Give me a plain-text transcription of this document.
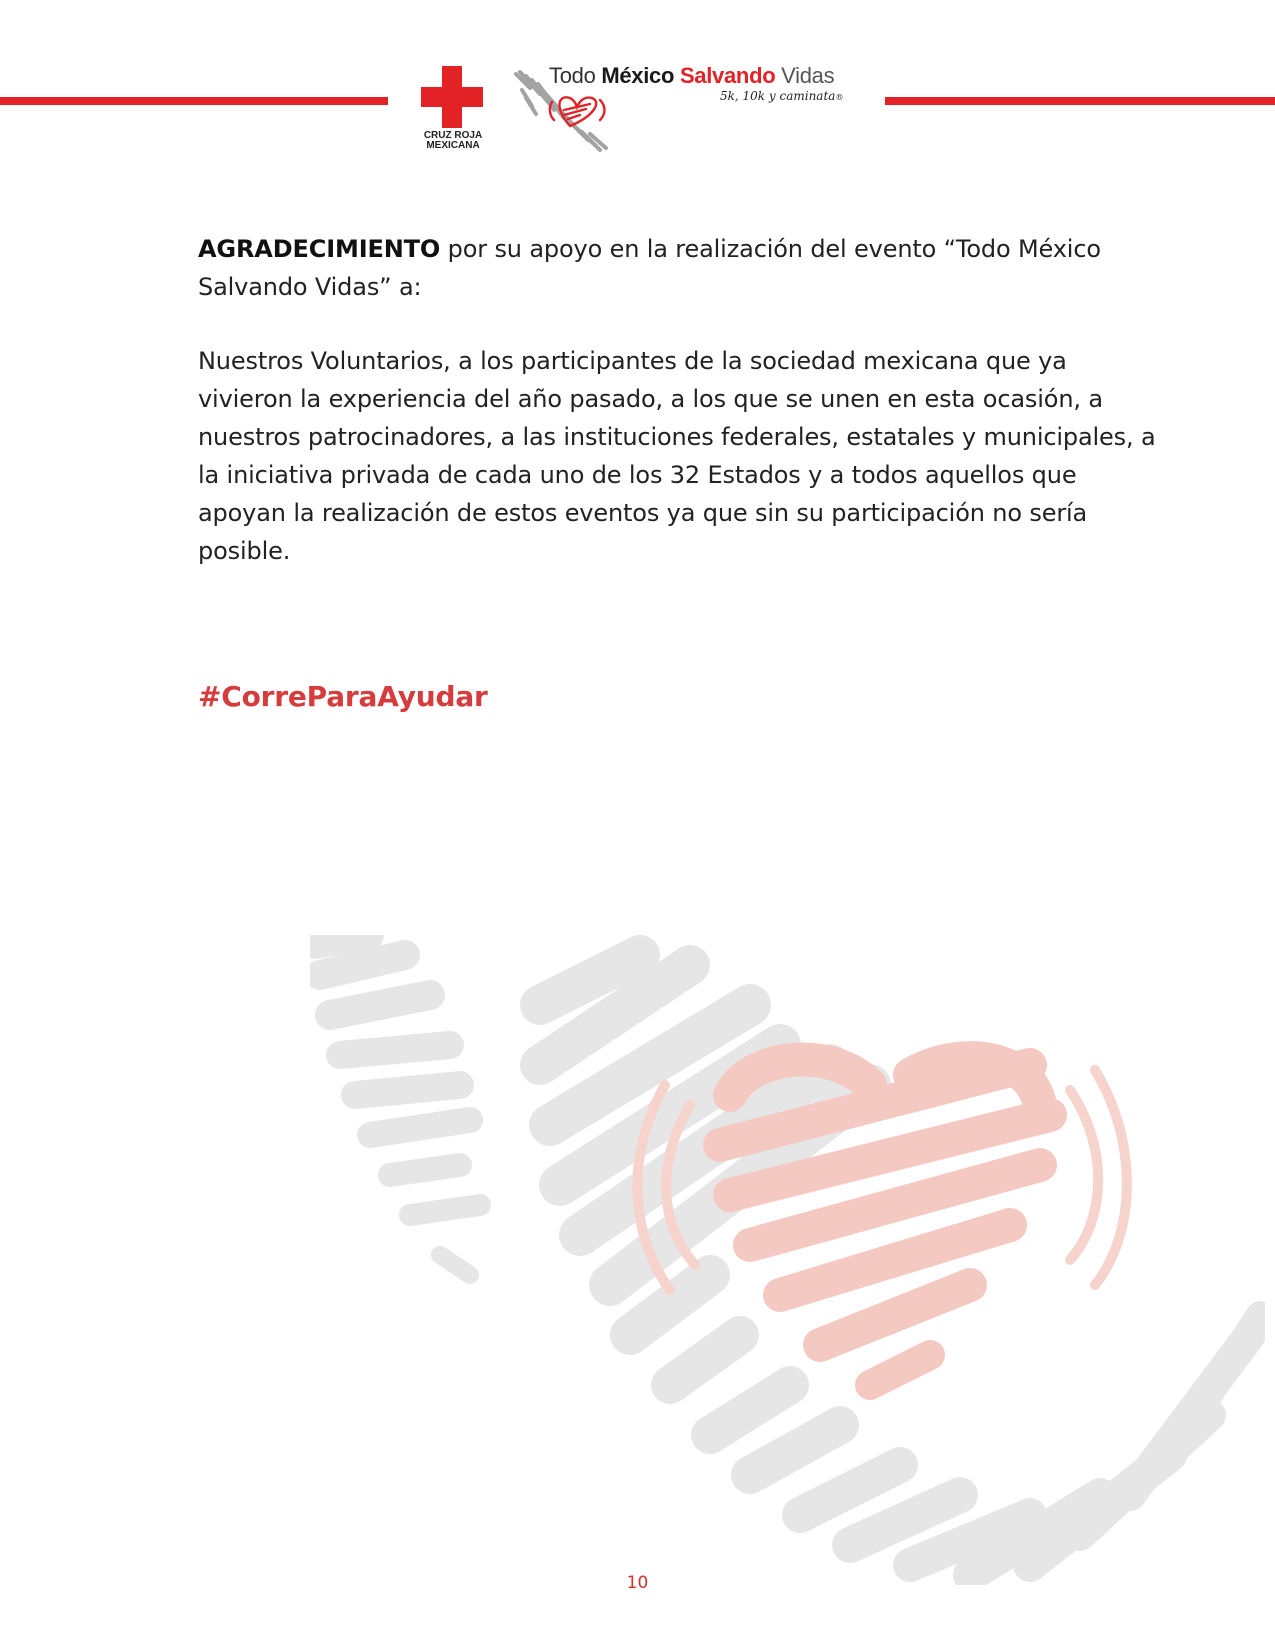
CRUZ ROJA
MEXICANA
Todo México Salvando Vidas
5k, 10k y caminata®

AGRADECIMIENTO por su apoyo en la realización del evento “Todo México Salvando Vidas” a:

Nuestros Voluntarios, a los participantes de la sociedad mexicana que ya vivieron la experiencia del año pasado, a los que se unen en esta ocasión, a nuestros patrocinadores, a las instituciones federales, estatales y municipales, a la iniciativa privada de cada uno de los 32 Estados y a todos aquellos que apoyan la realización de estos eventos ya que sin su participación no sería posible.

#CorreParaAyudar
10
